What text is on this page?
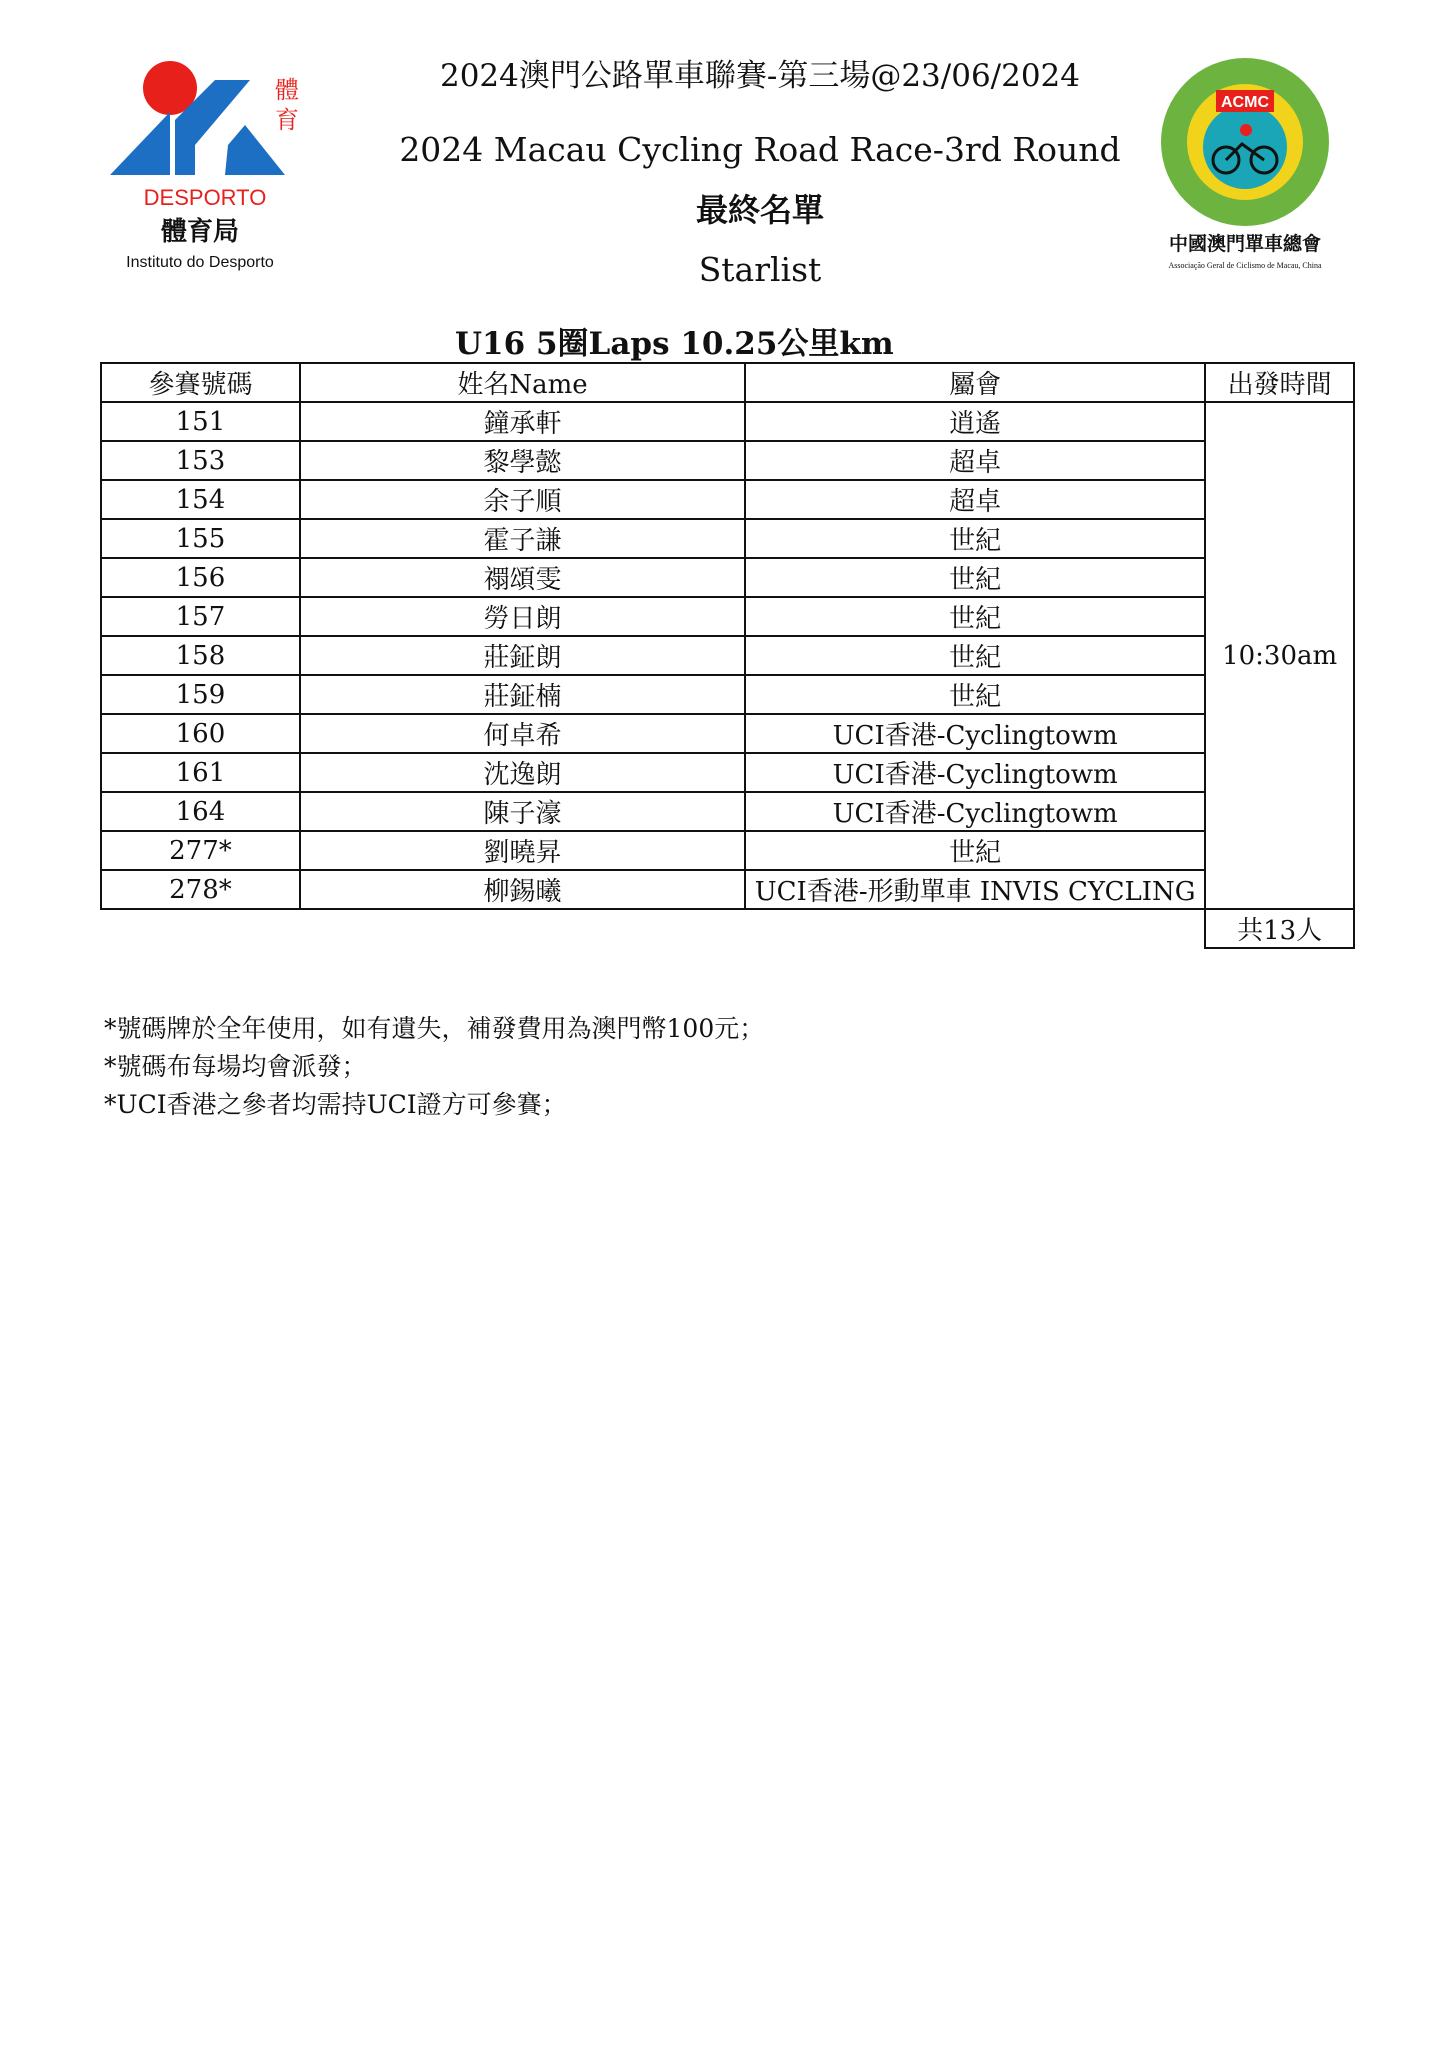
體
育
DESPORTO
體育局
Instituto do Desporto
ACMC
中國澳門單車總會
Associação Geral de Ciclismo de Macau, China
2024澳門公路單車聯賽-第三場@23/06/2024
2024 Macau Cycling Road Race-3rd Round
最終名單
Starlist
U16 5圈Laps 10.25公里km
參賽號碼	姓名Name	屬會	出發時間
151	鐘承軒	逍遙	10:30am
153	黎學懿	超卓	
154	余子順	超卓	
155	霍子謙	世紀	
156	禤頌雯	世紀	
157	勞日朗	世紀	
158	莊鉦朗	世紀	
159	莊鉦楠	世紀	
160	何卓希	UCI香港-Cyclingtowm	
161	沈逸朗	UCI香港-Cyclingtowm	
164	陳子濠	UCI香港-Cyclingtowm	
277*	劉曉昇	世紀	
278*	柳錫曦	UCI香港-形動單車 INVIS CYCLING	
			共13人
*號碼牌於全年使用，如有遺失，補發費用為澳門幣100元；
*號碼布每場均會派發；
*UCI香港之參者均需持UCI證方可參賽；
